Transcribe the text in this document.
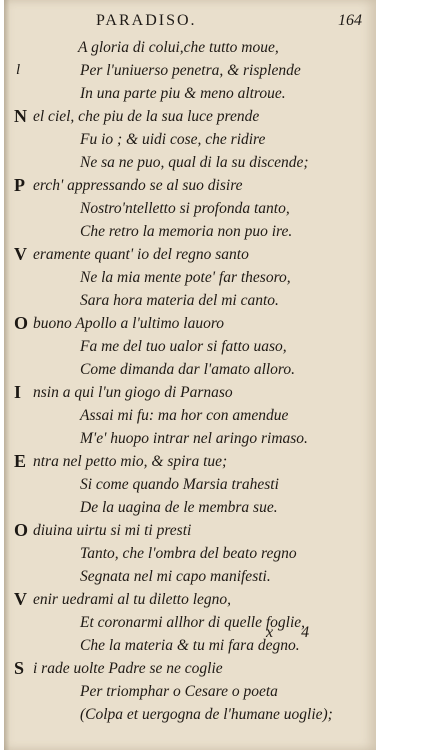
PARADISO.	164
A gloria di colui,che tutto moue,
l	Per l'uniuerso penetra, & risplende
In una parte piu & meno altroue.
N el ciel, che piu de la sua luce prende
Fu io ; & uidi cose, che ridire
Ne sa ne puo, qual di la su discende;
P erch' appressando se al suo disire
Nostro'ntelletto si profonda tanto,
Che retro la memoria non puo ire.
V eramente quant' io del regno santo
Ne la mia mente pote' far thesoro,
Sara hora materia del mi canto.
O buono Apollo a l'ultimo lauoro
Fa me del tuo ualor si fatto uaso,
Come dimanda dar l'amato alloro.
I nsin a qui l'un giogo di Parnaso
Assai mi fu: ma hor con amendue
M'e' huopo intrar nel aringo rimaso.
E ntra nel petto mio, & spira tue;
Si come quando Marsia trahesti
De la uagina de le membra sue.
O diuina uirtu si mi ti presti
Tanto, che l'ombra del beato regno
Segnata nel mi capo manifesti.
V enir uedrami al tu diletto legno,
Et coronarmi allhor di quelle foglie,
Che la materia & tu mi fara degno.
S i rade uolte Padre se ne coglie
Per triomphar o Cesare o poeta
(Colpa et uergogna de l'humane uoglie);
x 4
